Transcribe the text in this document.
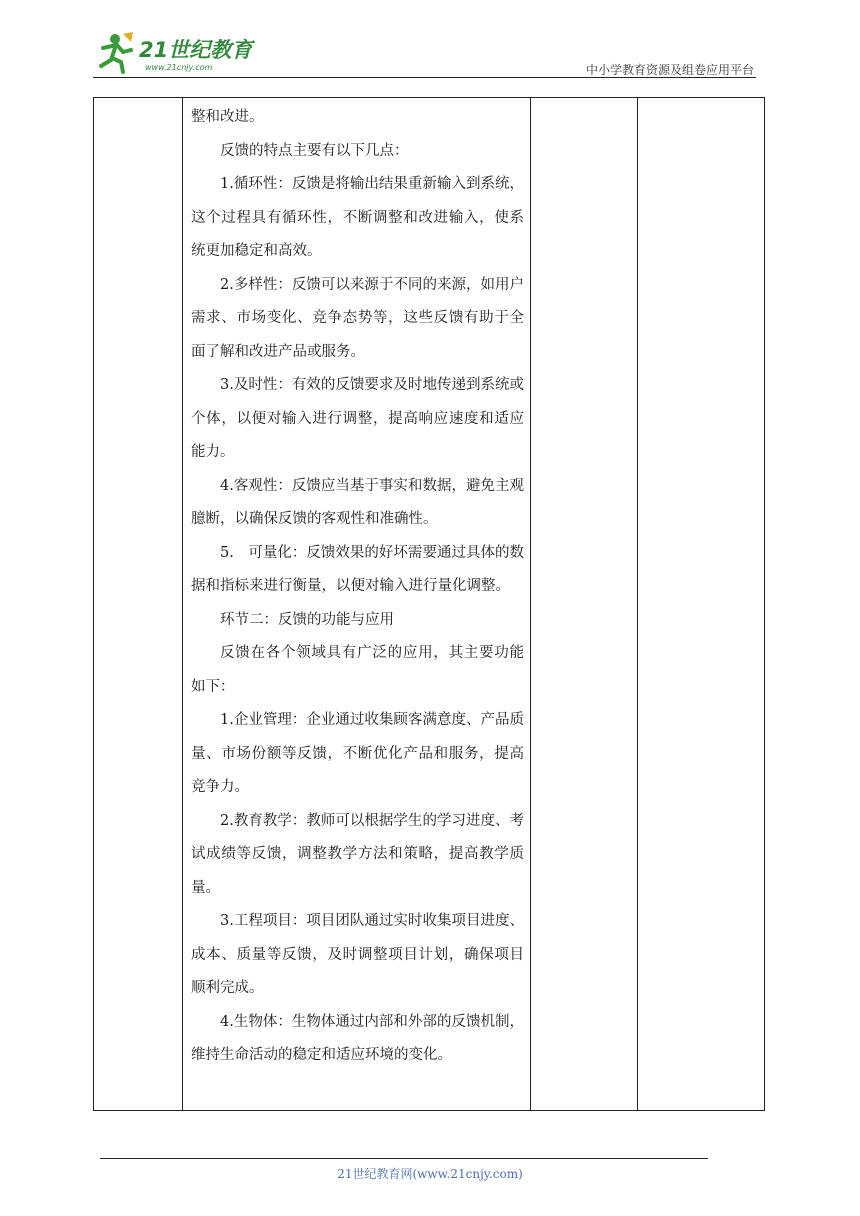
21世纪教育
www.21cnjy.com	中小学教育资源及组卷应用平台

整和改进。

反馈的特点主要有以下几点：

1.循环性：反馈是将输出结果重新输入到系统，这个过程具有循环性，不断调整和改进输入，使系统更加稳定和高效。

2.多样性：反馈可以来源于不同的来源，如用户需求、市场变化、竞争态势等，这些反馈有助于全面了解和改进产品或服务。

3.及时性：有效的反馈要求及时地传递到系统或个体，以便对输入进行调整，提高响应速度和适应能力。

4.客观性：反馈应当基于事实和数据，避免主观臆断，以确保反馈的客观性和准确性。

5.　可量化：反馈效果的好坏需要通过具体的数据和指标来进行衡量，以便对输入进行量化调整。

环节二：反馈的功能与应用

反馈在各个领域具有广泛的应用，其主要功能如下：

1.企业管理：企业通过收集顾客满意度、产品质量、市场份额等反馈，不断优化产品和服务，提高竞争力。

2.教育教学：教师可以根据学生的学习进度、考试成绩等反馈，调整教学方法和策略，提高教学质量。

3.工程项目：项目团队通过实时收集项目进度、成本、质量等反馈，及时调整项目计划，确保项目顺利完成。

4.生物体：生物体通过内部和外部的反馈机制，维持生命活动的稳定和适应环境的变化。

21世纪教育网(www.21cnjy.com)
